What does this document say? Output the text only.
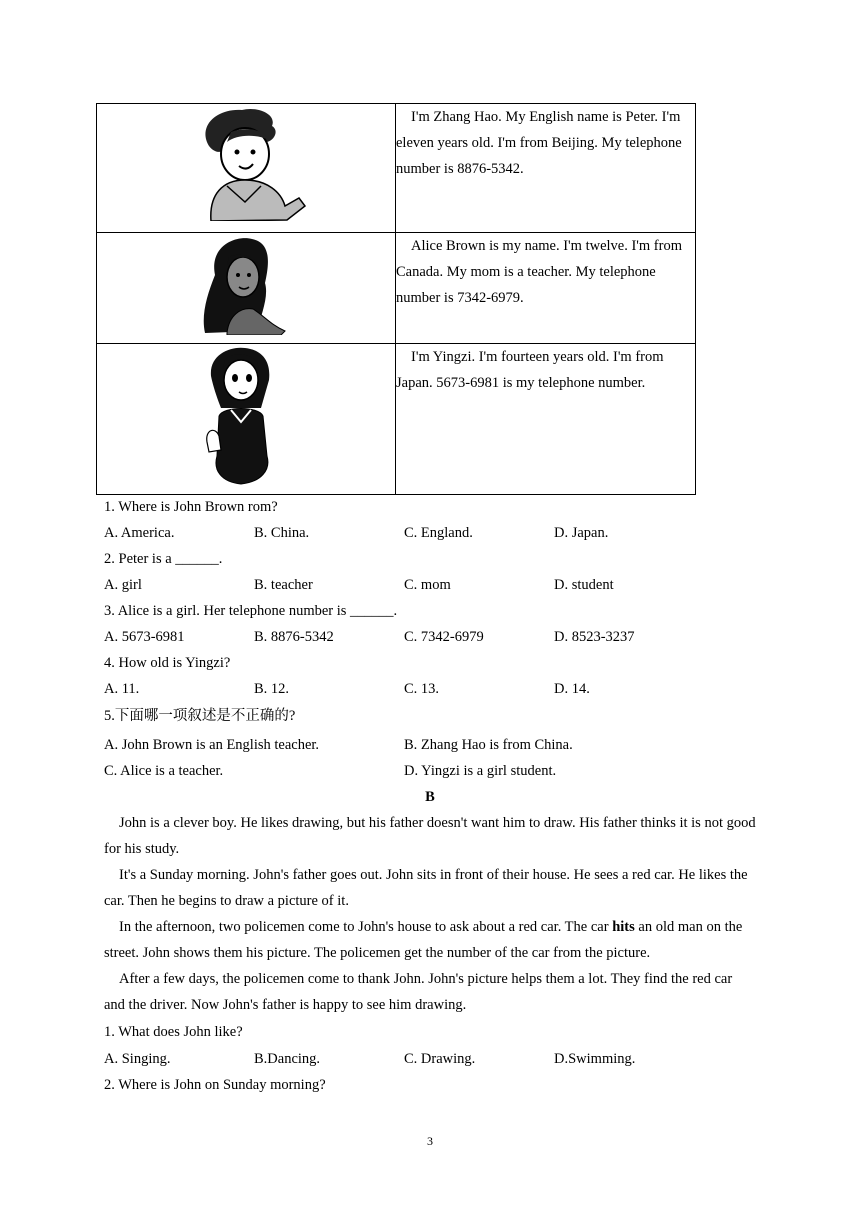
I'm Zhang Hao. My English name is Peter. I'm eleven years old. I'm from Beijing. My telephone number is 8876-5342.

Alice Brown is my name. I'm twelve. I'm from Canada. My mom is a teacher. My telephone number is 7342-6979.

I'm Yingzi. I'm fourteen years old. I'm from Japan. 5673-6981 is my telephone number.

1. Where is John Brown rom?
A. America.	B. China.	C. England.	D. Japan.
2. Peter is a ______.
A. girl	B. teacher	C. mom	D. student
3. Alice is a girl. Her telephone number is ______.
A. 5673-6981	B. 8876-5342	C. 7342-6979	D. 8523-3237
4. How old is Yingzi?
A. 11.	B. 12.	C. 13.	D. 14.
5.下面哪一项叙述是不正确的?
A. John Brown is an English teacher.	B. Zhang Hao is from China.
C. Alice is a teacher.	D. Yingzi is a girl student.
B

John is a clever boy. He likes drawing, but his father doesn't want him to draw. His father thinks it is not good for his study.

It's a Sunday morning. John's father goes out. John sits in front of their house. He sees a red car. He likes the car. Then he begins to draw a picture of it.

In the afternoon, two policemen come to John's house to ask about a red car. The car hits an old man on the street. John shows them his picture. The policemen get the number of the car from the picture.

After a few days, the policemen come to thank John. John's picture helps them a lot. They find the red car and the driver. Now John's father is happy to see him drawing.

1. What does John like?
A. Singing.	B.Dancing.	C. Drawing.	D.Swimming.
2. Where is John on Sunday morning?
3
